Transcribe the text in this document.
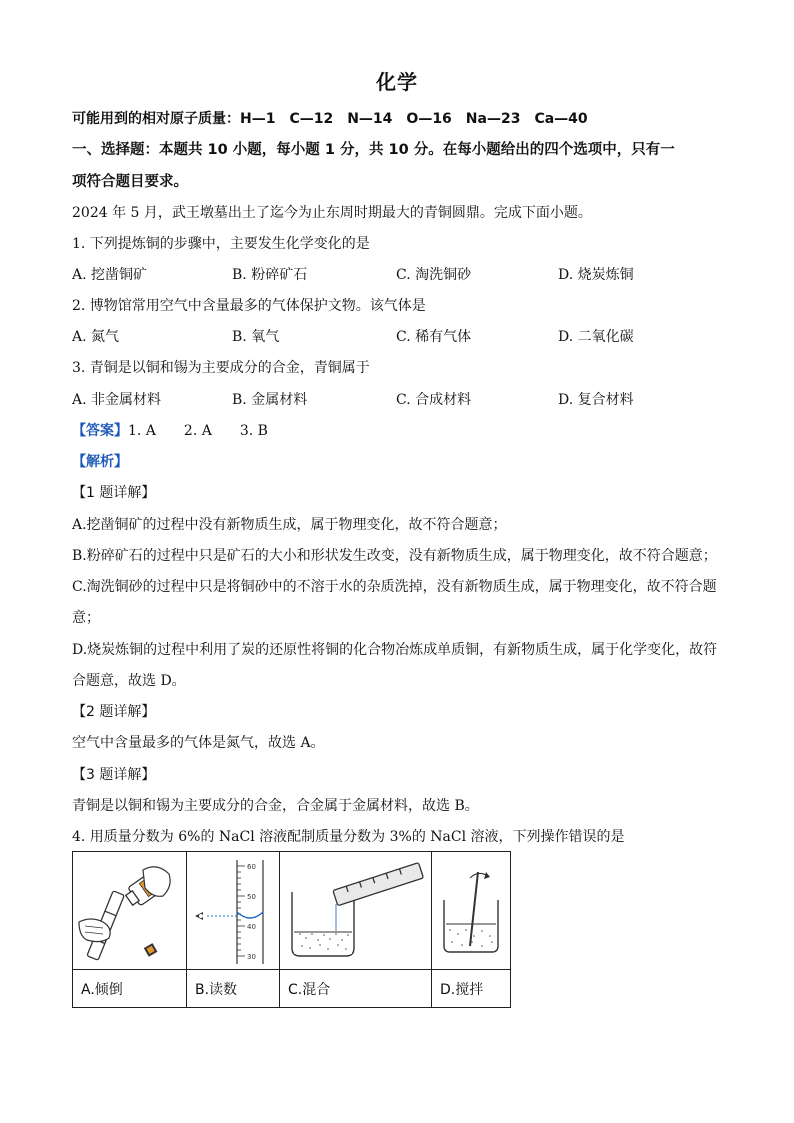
化学
可能用到的相对原子质量：H—1　C—12　N—14　O—16　Na—23　Ca—40
一、选择题：本题共 10 小题，每小题 1 分，共 10 分。在每小题给出的四个选项中，只有一
项符合题目要求。
2024 年 5 月，武王墩墓出土了迄今为止东周时期最大的青铜圆鼎。完成下面小题。
1. 下列提炼铜的步骤中，主要发生化学变化的是
A. 挖凿铜矿	B. 粉碎矿石	C. 淘洗铜砂	D. 烧炭炼铜
2. 博物馆常用空气中含量最多的气体保护文物。该气体是
A. 氮气	B. 氧气	C. 稀有气体	D. 二氧化碳
3. 青铜是以铜和锡为主要成分的合金，青铜属于
A. 非金属材料	B. 金属材料	C. 合成材料	D. 复合材料
【答案】1. A　　2. A　　3. B
【解析】
【1 题详解】
A.挖凿铜矿的过程中没有新物质生成，属于物理变化，故不符合题意；
B.粉碎矿石的过程中只是矿石的大小和形状发生改变，没有新物质生成，属于物理变化，故不符合题意；
C.淘洗铜砂的过程中只是将铜砂中的不溶于水的杂质洗掉，没有新物质生成，属于物理变化，故不符合题
意；
D.烧炭炼铜的过程中利用了炭的还原性将铜的化合物冶炼成单质铜，有新物质生成，属于化学变化，故符
合题意，故选 D。
【2 题详解】
空气中含量最多的气体是氮气，故选 A。
【3 题详解】
青铜是以铜和锡为主要成分的合金，合金属于金属材料，故选 B。
4. 用质量分数为 6%的 NaCl 溶液配制质量分数为 3%的 NaCl 溶液，下列操作错误的是

60
50
40
30

A.倾倒	B.读数	C.混合	D.搅拌
